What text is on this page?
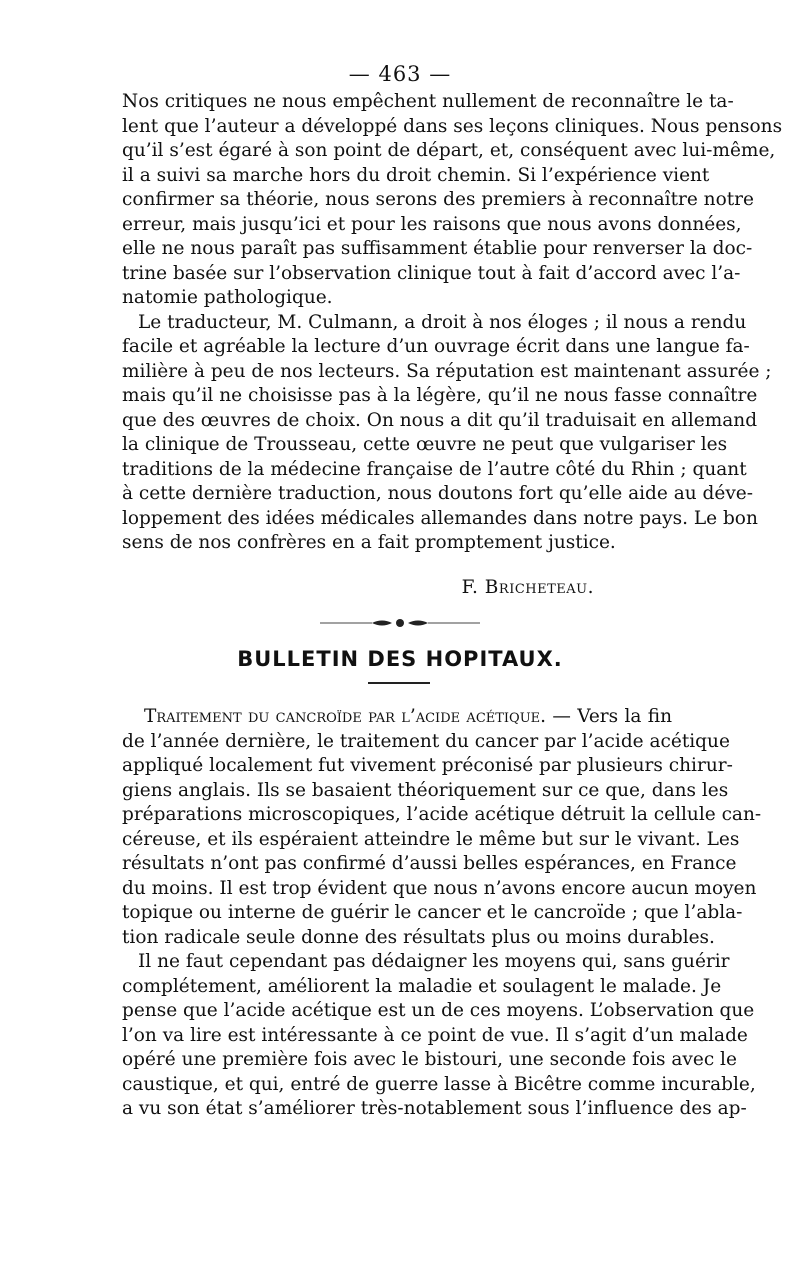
— 463 —
Nos critiques ne nous empêchent nullement de reconnaître le ta-
lent que l’auteur a développé dans ses leçons cliniques. Nous pensons
qu’il s’est égaré à son point de départ, et, conséquent avec lui-même,
il a suivi sa marche hors du droit chemin. Si l’expérience vient
confirmer sa théorie, nous serons des premiers à reconnaître notre
erreur, mais jusqu’ici et pour les raisons que nous avons données,
elle ne nous paraît pas suffisamment établie pour renverser la doc-
trine basée sur l’observation clinique tout à fait d’accord avec l’a-
natomie pathologique.
Le traducteur, M. Culmann, a droit à nos éloges ; il nous a rendu
facile et agréable la lecture d’un ouvrage écrit dans une langue fa-
milière à peu de nos lecteurs. Sa réputation est maintenant assurée ;
mais qu’il ne choisisse pas à la légère, qu’il ne nous fasse connaître
que des œuvres de choix. On nous a dit qu’il traduisait en allemand
la clinique de Trousseau, cette œuvre ne peut que vulgariser les
traditions de la médecine française de l’autre côté du Rhin ; quant
à cette dernière traduction, nous doutons fort qu’elle aide au déve-
loppement des idées médicales allemandes dans notre pays. Le bon
sens de nos confrères en a fait promptement justice.
F. Bricheteau.
BULLETIN DES HOPITAUX.
Traitement du cancroïde par l’acide acétique. — Vers la fin
de l’année dernière, le traitement du cancer par l’acide acétique
appliqué localement fut vivement préconisé par plusieurs chirur-
giens anglais. Ils se basaient théoriquement sur ce que, dans les
préparations microscopiques, l’acide acétique détruit la cellule can-
céreuse, et ils espéraient atteindre le même but sur le vivant. Les
résultats n’ont pas confirmé d’aussi belles espérances, en France
du moins. Il est trop évident que nous n’avons encore aucun moyen
topique ou interne de guérir le cancer et le cancroïde ; que l’abla-
tion radicale seule donne des résultats plus ou moins durables.
Il ne faut cependant pas dédaigner les moyens qui, sans guérir
complétement, améliorent la maladie et soulagent le malade. Je
pense que l’acide acétique est un de ces moyens. L’observation que
l’on va lire est intéressante à ce point de vue. Il s’agit d’un malade
opéré une première fois avec le bistouri, une seconde fois avec le
caustique, et qui, entré de guerre lasse à Bicêtre comme incurable,
a vu son état s’améliorer très-notablement sous l’influence des ap-
